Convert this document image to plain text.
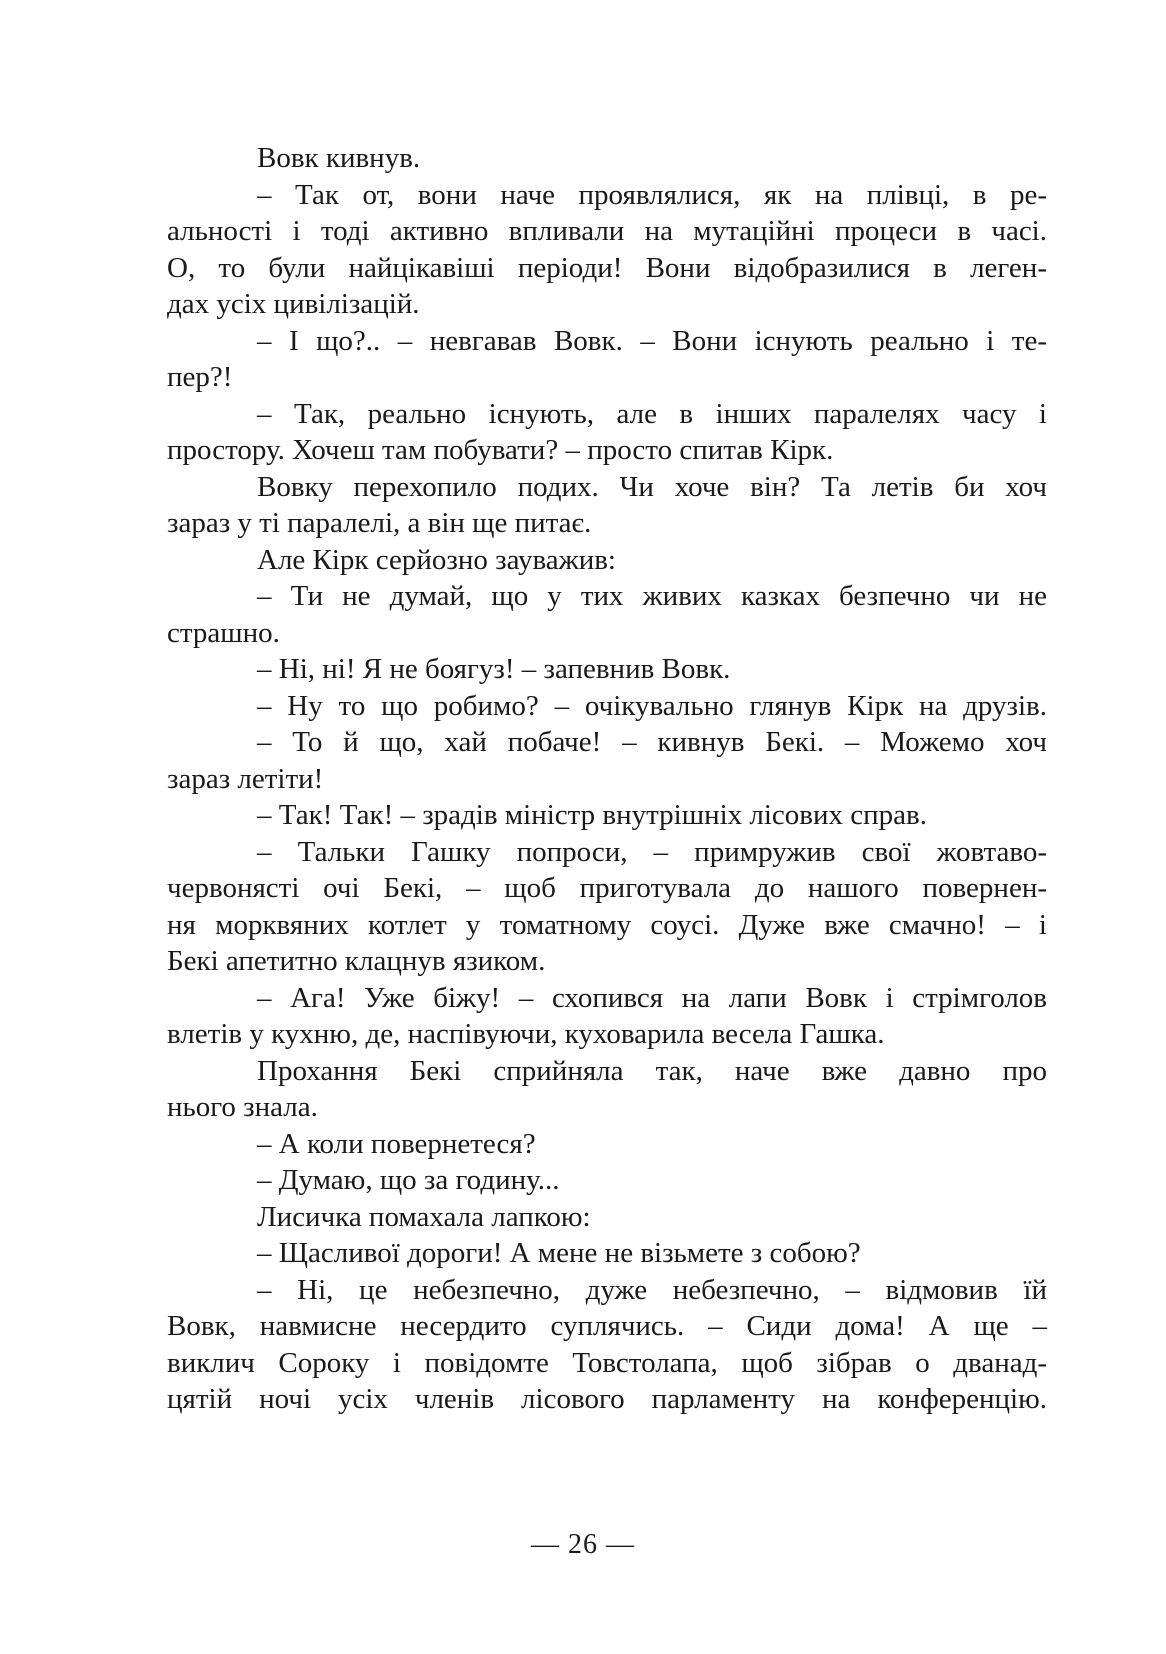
Вовк кивнув.
– Так от, вони наче проявлялися, як на плівці, в ре-
альності і тоді активно впливали на мутаційні процеси в часі.
О, то були найцікавіші періоди! Вони відобразилися в леген-
дах усіх цивілізацій.
– І що?.. – невгавав Вовк. – Вони існують реально і те-
пер?!
– Так, реально існують, але в інших паралелях часу і
простору. Хочеш там побувати? – просто спитав Кірк.
Вовку перехопило подих. Чи хоче він? Та летів би хоч
зараз у ті паралелі, а він ще питає.
Але Кірк серйозно зауважив:
– Ти не думай, що у тих живих казках безпечно чи не
страшно.
– Ні, ні! Я не боягуз! – запевнив Вовк.
– Ну то що робимо? – очікувально глянув Кірк на друзів.
– То й що, хай побаче! – кивнув Бекі. – Можемо хоч
зараз летіти!
– Так! Так! – зрадів міністр внутрішніх лісових справ.
– Тальки Гашку попроси, – примружив свої жовтаво-
червонясті очі Бекі, – щоб приготувала до нашого повернен-
ня морквяних котлет у томатному соусі. Дуже вже смачно! – і
Бекі апетитно клацнув язиком.
– Ага! Уже біжу! – схопився на лапи Вовк і стрімголов
влетів у кухню, де, наспівуючи, куховарила весела Гашка.
Прохання Бекі сприйняла так, наче вже давно про
нього знала.
– А коли повернетеся?
– Думаю, що за годину...
Лисичка помахала лапкою:
– Щасливої дороги! А мене не візьмете з собою?
– Ні, це небезпечно, дуже небезпечно, – відмовив їй
Вовк, навмисне несердито суплячись. – Сиди дома! А ще –
виклич Сороку і повідомте Товстолапа, щоб зібрав о дванад-
цятій ночі усіх членів лісового парламенту на конференцію.
— 26 —
